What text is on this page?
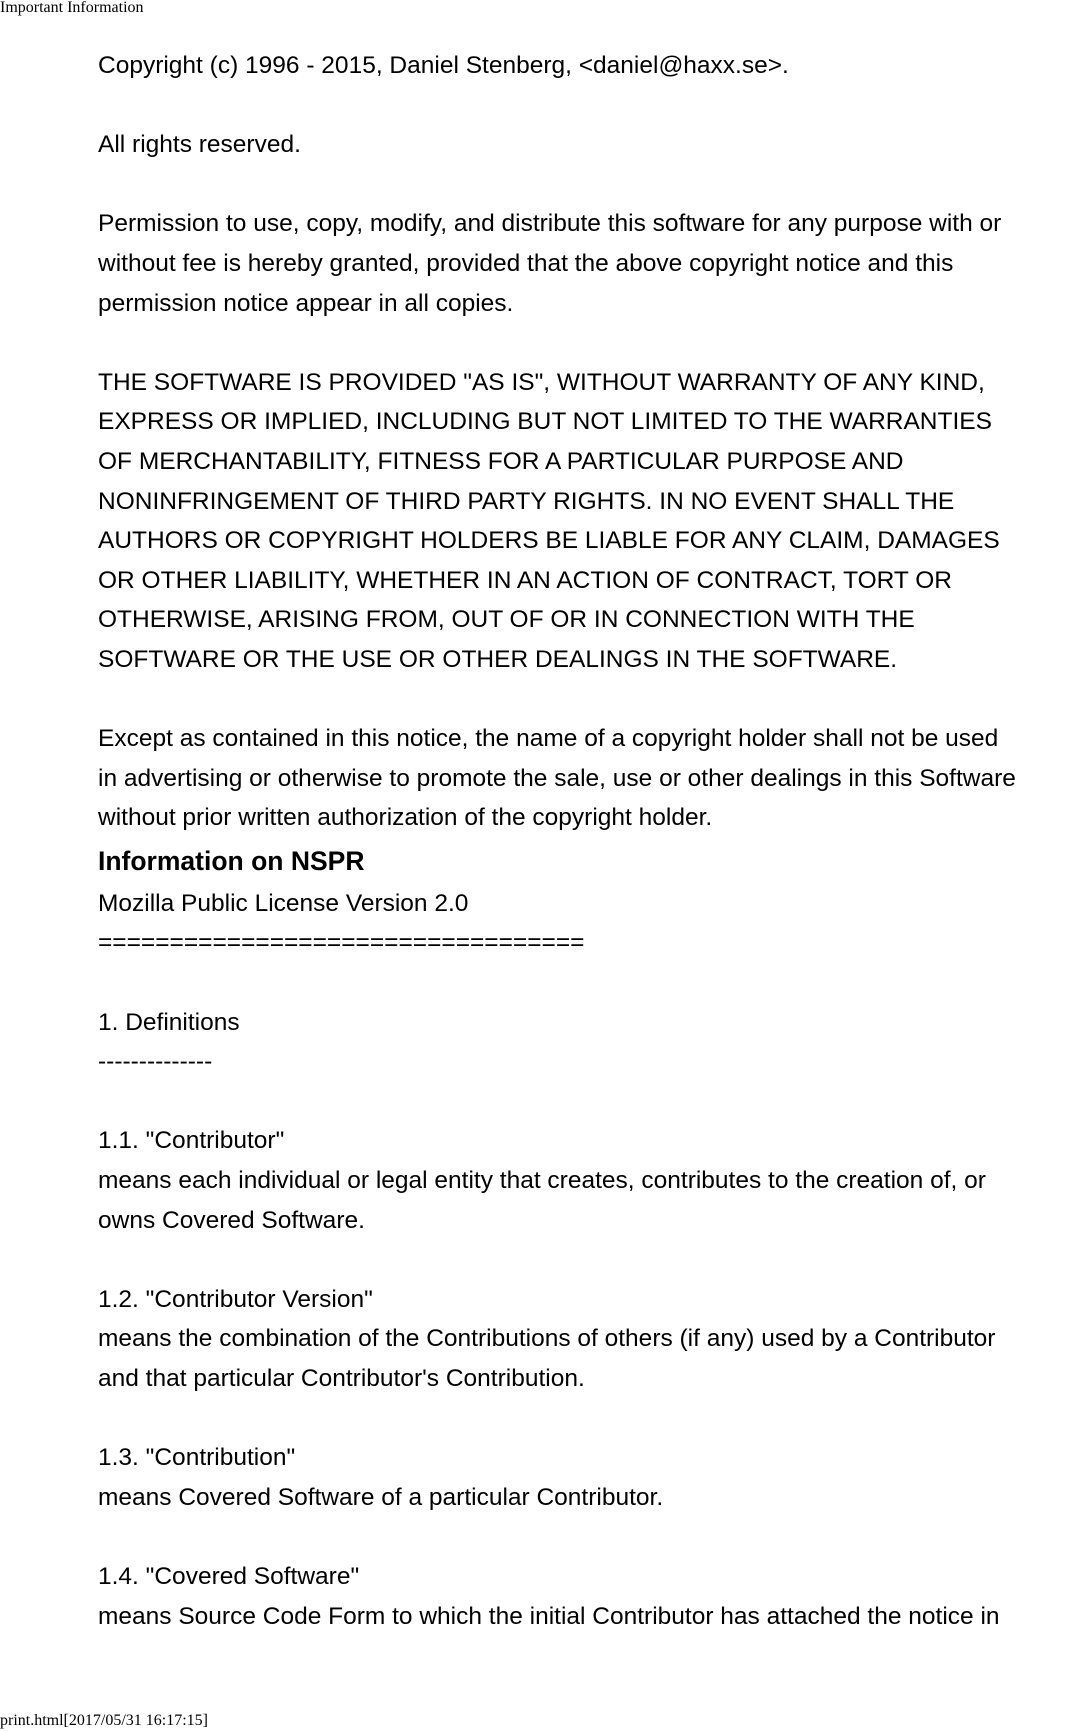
Important Information
Copyright (c) 1996 - 2015, Daniel Stenberg, <daniel@haxx.se>.
All rights reserved.
Permission to use, copy, modify, and distribute this software for any purpose with or
without fee is hereby granted, provided that the above copyright notice and this
permission notice appear in all copies.
THE SOFTWARE IS PROVIDED "AS IS", WITHOUT WARRANTY OF ANY KIND,
EXPRESS OR IMPLIED, INCLUDING BUT NOT LIMITED TO THE WARRANTIES
OF MERCHANTABILITY, FITNESS FOR A PARTICULAR PURPOSE AND
NONINFRINGEMENT OF THIRD PARTY RIGHTS. IN NO EVENT SHALL THE
AUTHORS OR COPYRIGHT HOLDERS BE LIABLE FOR ANY CLAIM, DAMAGES
OR OTHER LIABILITY, WHETHER IN AN ACTION OF CONTRACT, TORT OR
OTHERWISE, ARISING FROM, OUT OF OR IN CONNECTION WITH THE
SOFTWARE OR THE USE OR OTHER DEALINGS IN THE SOFTWARE.
Except as contained in this notice, the name of a copyright holder shall not be used
in advertising or otherwise to promote the sale, use or other dealings in this Software
without prior written authorization of the copyright holder.
Information on NSPR
Mozilla Public License Version 2.0
==================================
1. Definitions
--------------
1.1. "Contributor"
means each individual or legal entity that creates, contributes to the creation of, or
owns Covered Software.
1.2. "Contributor Version"
means the combination of the Contributions of others (if any) used by a Contributor
and that particular Contributor's Contribution.
1.3. "Contribution"
means Covered Software of a particular Contributor.
1.4. "Covered Software"
means Source Code Form to which the initial Contributor has attached the notice in
print.html[2017/05/31 16:17:15]
